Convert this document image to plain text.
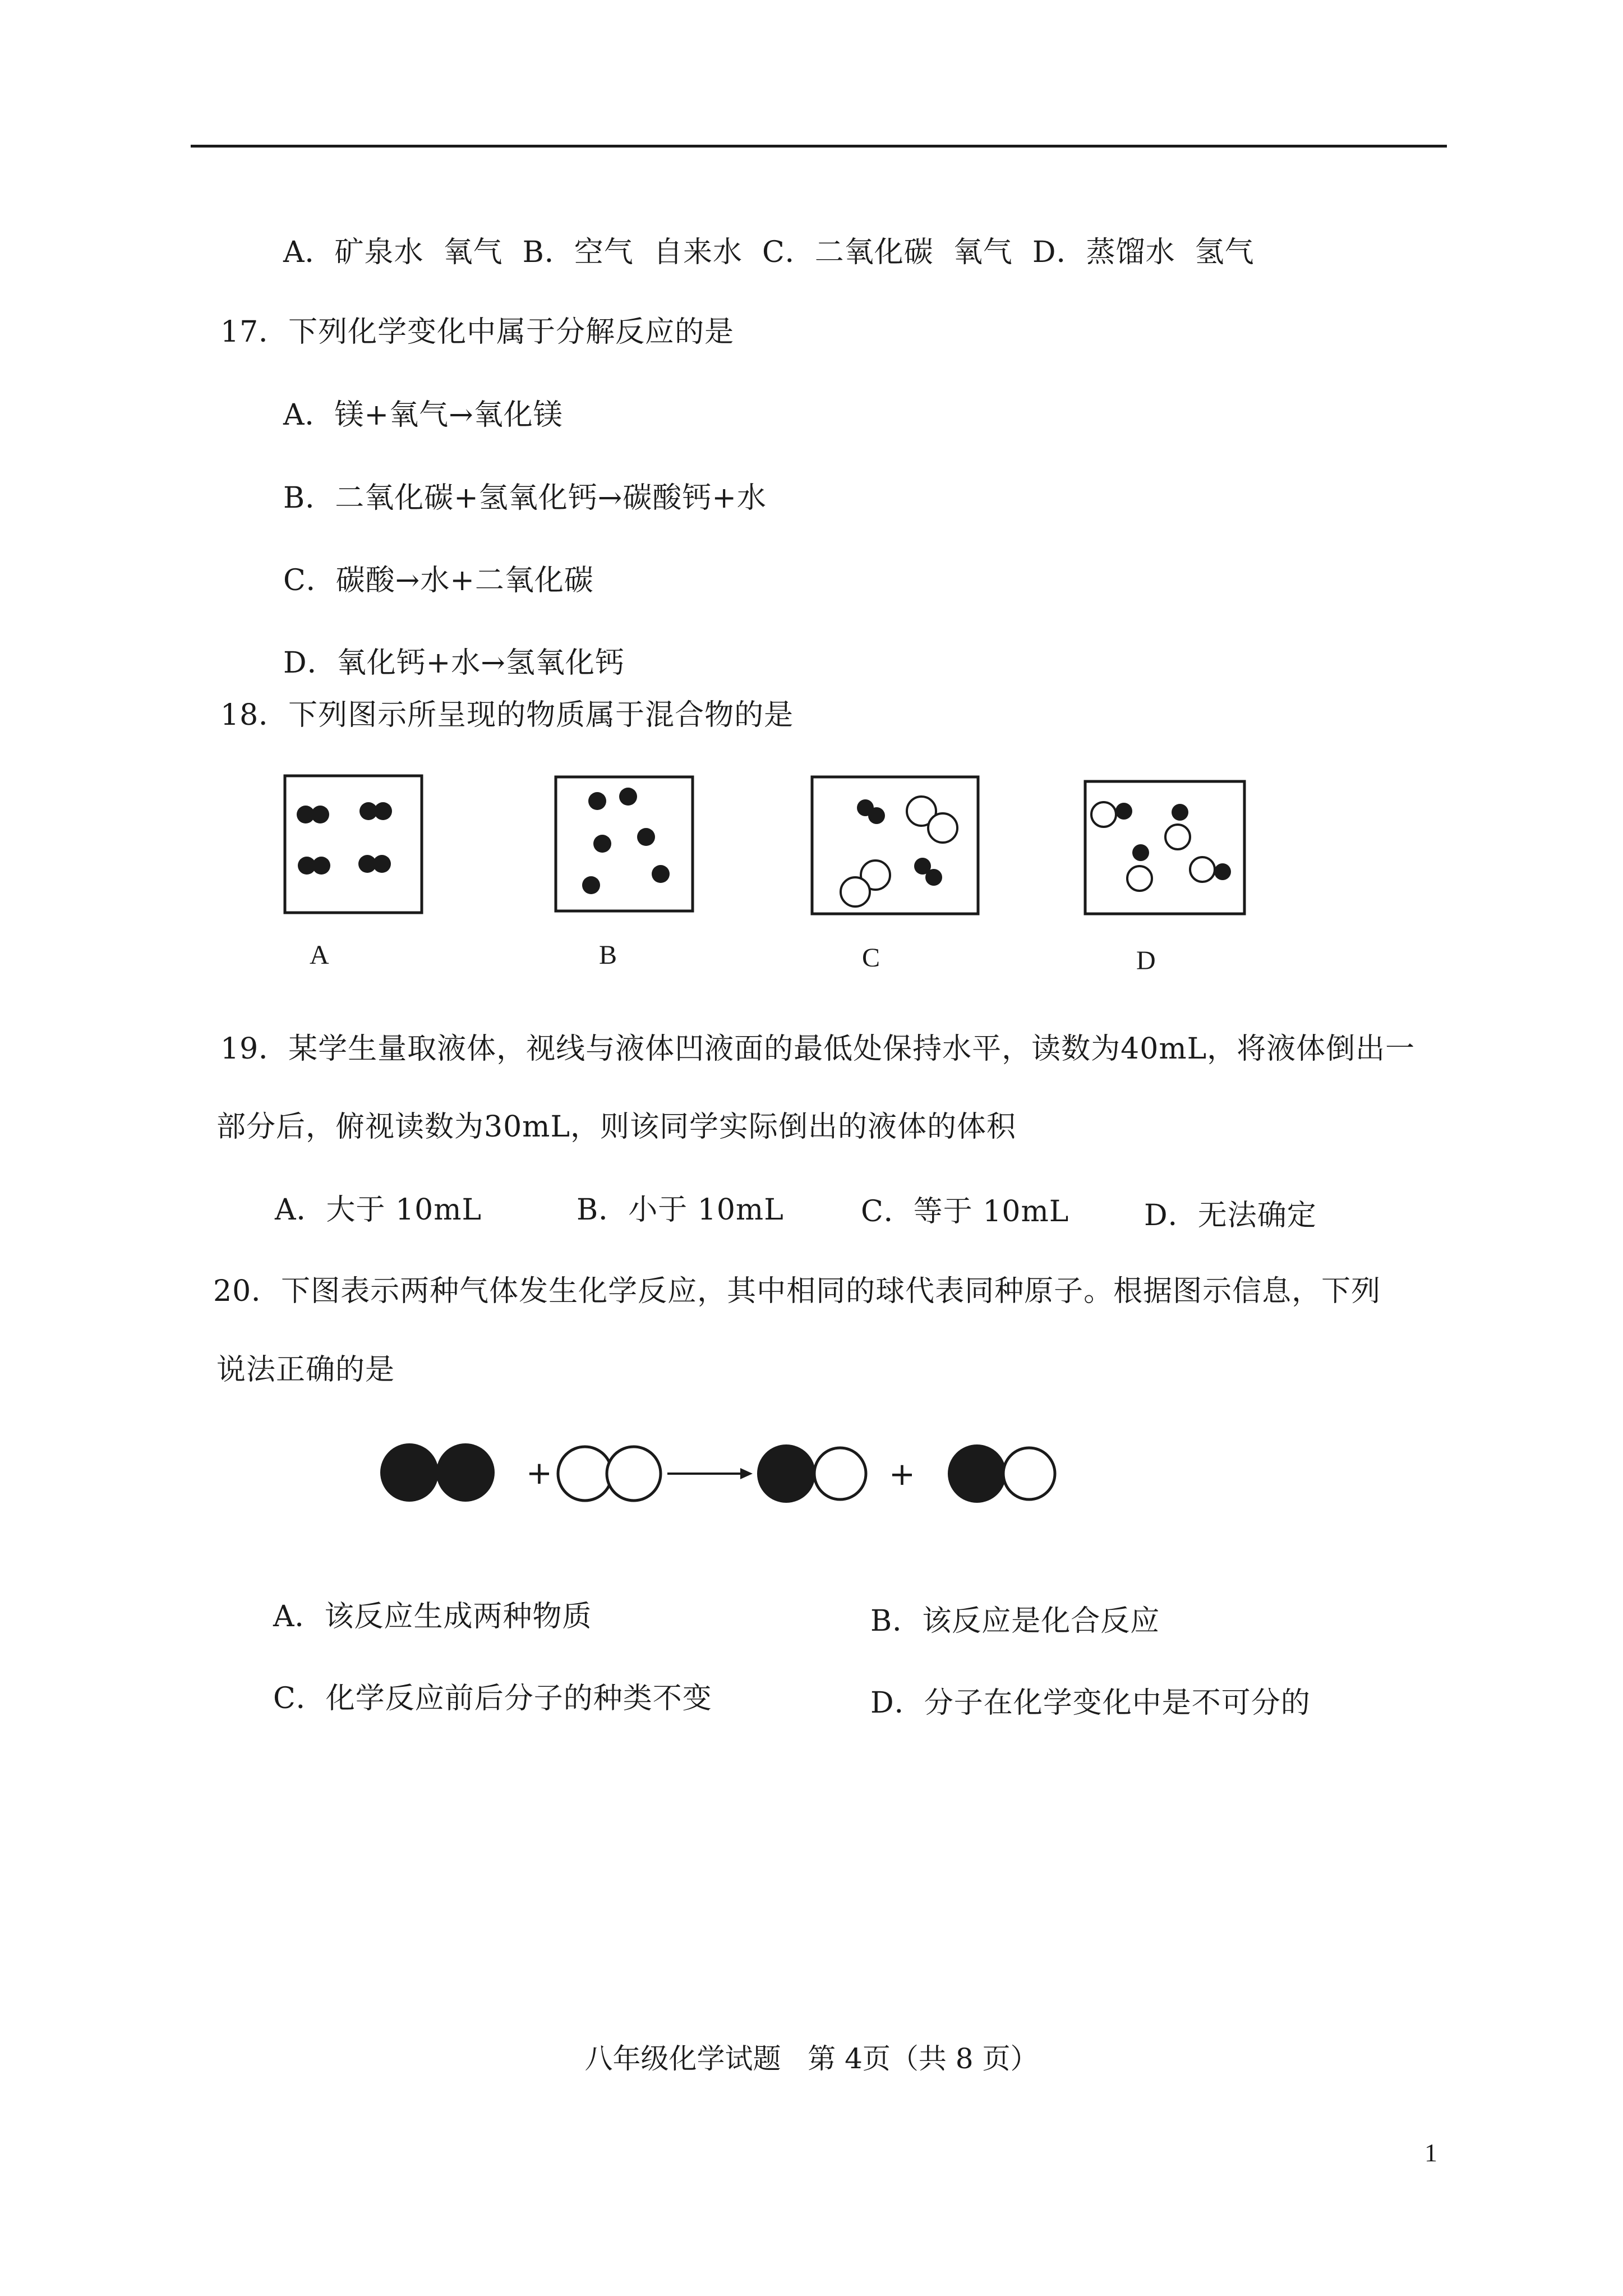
A．矿泉水  氧气  B．空气  自来水  C．二氧化碳  氧气  D．蒸馏水  氢气
17．下列化学变化中属于分解反应的是
A．镁+氧气→氧化镁
B．二氧化碳+氢氧化钙→碳酸钙+水
C．碳酸→水+二氧化碳
D．氧化钙+水→氢氧化钙
18．下列图示所呈现的物质属于混合物的是
A	B	C	D
19．某学生量取液体，视线与液体凹液面的最低处保持水平，读数为40mL，将液体倒出一
部分后，俯视读数为30mL，则该同学实际倒出的液体的体积
A．大于 10mL	B．小于 10mL	C．等于 10mL	D．无法确定
20．下图表示两种气体发生化学反应，其中相同的球代表同种原子。根据图示信息，下列
说法正确的是
+	+
A．该反应生成两种物质	B．该反应是化合反应
C．化学反应前后分子的种类不变	D．分子在化学变化中是不可分的
八年级化学试题   第 4页（共 8 页）
1
